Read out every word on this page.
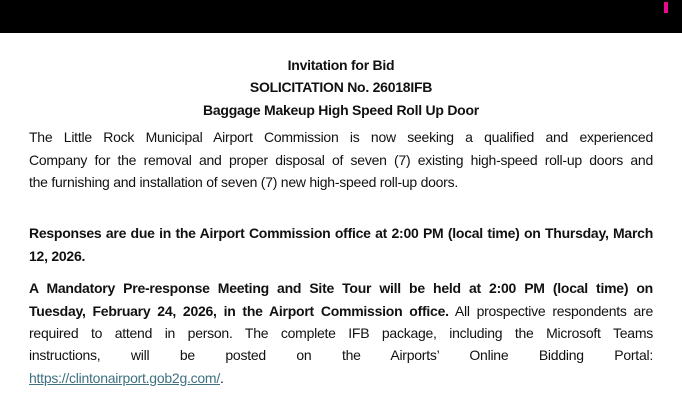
Invitation for Bid
SOLICITATION No. 26018IFB
Baggage Makeup High Speed Roll Up Door

The Little Rock Municipal Airport Commission is now seeking a qualified and experienced
Company for the removal and proper disposal of seven (7) existing high-speed roll-up doors and
the furnishing and installation of seven (7) new high-speed roll-up doors.

Responses are due in the Airport Commission office at 2:00 PM (local time) on Thursday, March
12, 2026.

A Mandatory Pre-response Meeting and Site Tour will be held at 2:00 PM (local time) on
Tuesday, February 24, 2026, in the Airport Commission office. All prospective respondents are
required to attend in person. The complete IFB package, including the Microsoft Teams
instructions, will be posted on the Airports’ Online Bidding Portal:
https://clintonairport.gob2g.com/.
